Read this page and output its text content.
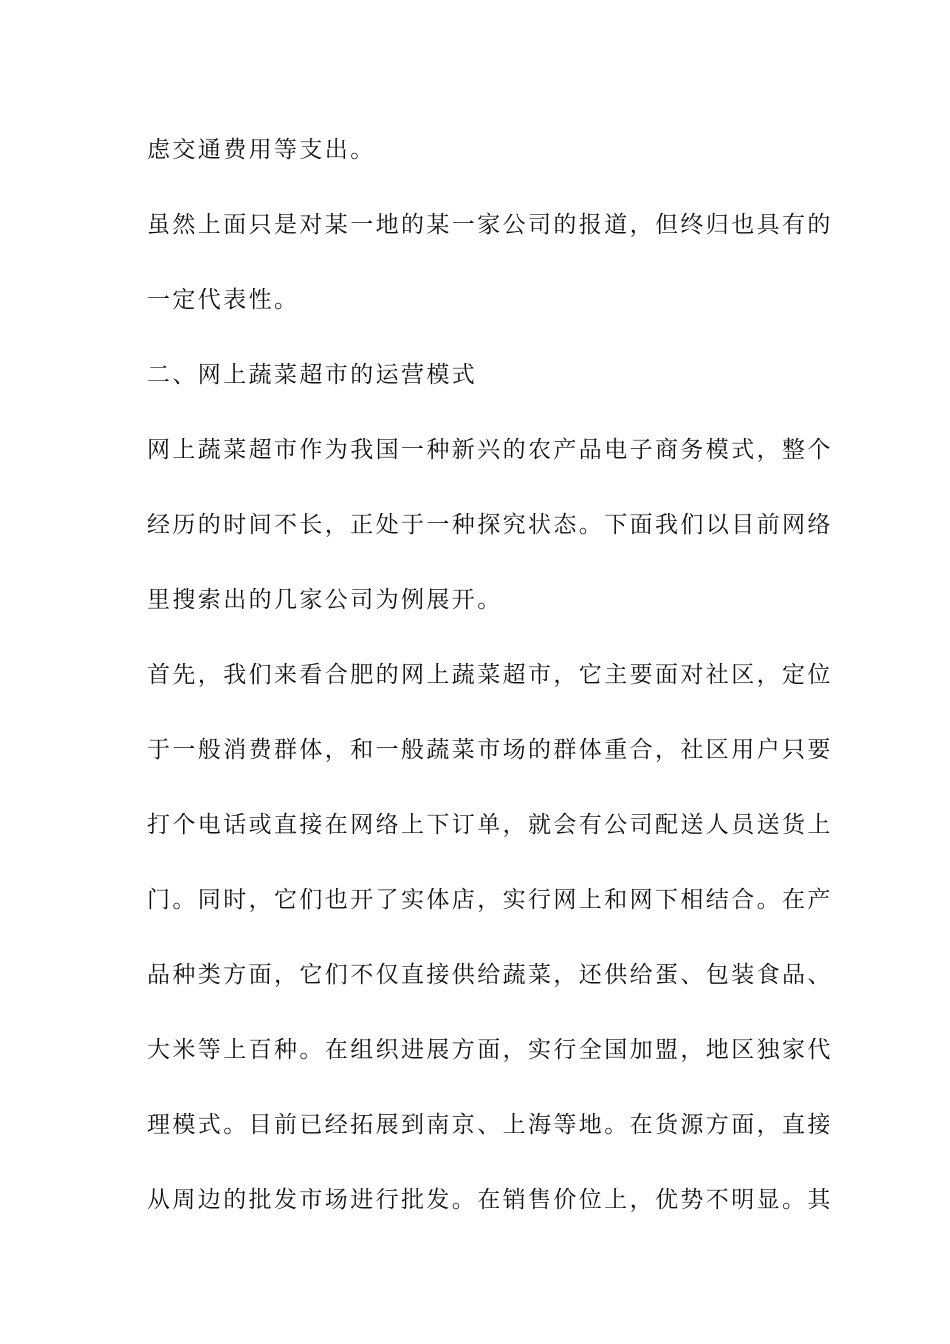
虑交通费用等支出。
虽然上面只是对某一地的某一家公司的报道，但终归也具有的
一定代表性。
二、网上蔬菜超市的运营模式
网上蔬菜超市作为我国一种新兴的农产品电子商务模式，整个
经历的时间不长，正处于一种探究状态。下面我们以目前网络
里搜索出的几家公司为例展开。
首先，我们来看合肥的网上蔬菜超市，它主要面对社区，定位
于一般消费群体，和一般蔬菜市场的群体重合，社区用户只要
打个电话或直接在网络上下订单，就会有公司配送人员送货上
门。同时，它们也开了实体店，实行网上和网下相结合。在产
品种类方面，它们不仅直接供给蔬菜，还供给蛋、包装食品、
大米等上百种。在组织进展方面，实行全国加盟，地区独家代
理模式。目前已经拓展到南京、上海等地。在货源方面，直接
从周边的批发市场进行批发。在销售价位上，优势不明显。其
